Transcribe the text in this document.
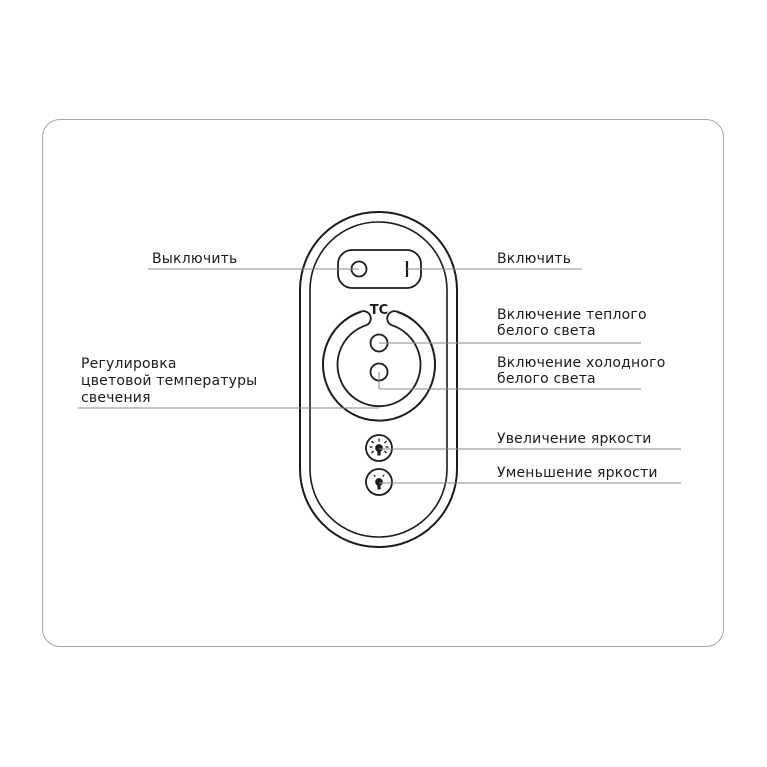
TC
Выключить	Включить
Включение теплого
белого света
Включение холодного
белого света
Регулировка
цветовой температуры
свечения
Увеличение яркости
Уменьшение яркости
